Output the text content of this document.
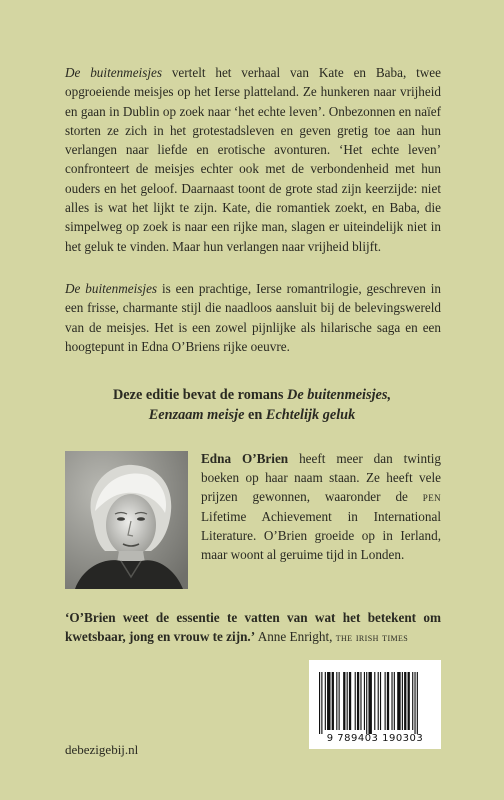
De buitenmeisjes vertelt het verhaal van Kate en Baba, twee opgroeiende meisjes op het Ierse platteland. Ze hunkeren naar vrijheid en gaan in Dublin op zoek naar ‘het echte leven’. Onbezonnen en naïef storten ze zich in het grotestadsleven en geven gretig toe aan hun verlangen naar liefde en erotische avonturen. ‘Het echte leven’ confronteert de meisjes echter ook met de verbondenheid met hun ouders en het geloof. Daarnaast toont de grote stad zijn keerzijde: niet alles is wat het lijkt te zijn. Kate, die romantiek zoekt, en Baba, die simpelweg op zoek is naar een rijke man, slagen er uiteindelijk niet in het geluk te vinden. Maar hun verlangen naar vrijheid blijft.

De buitenmeisjes is een prachtige, Ierse romantrilogie, geschreven in een frisse, charmante stijl die naadloos aansluit bij de belevingswereld van de meisjes. Het is een zowel pijnlijke als hilarische saga en een hoogtepunt in Edna O’Briens rijke oeuvre.

Deze editie bevat de romans De buitenmeisjes,
Eenzaam meisje en Echtelijk geluk

Edna O’Brien heeft meer dan twintig boeken op haar naam staan. Ze heeft vele prijzen gewonnen, waaronder de pen Lifetime Achievement in International Literature. O’Brien groeide op in Ierland, maar woont al geruime tijd in Londen.

‘O’Brien weet de essentie te vatten van wat het betekent om kwetsbaar, jong en vrouw te zijn.’ Anne Enright, the irish times

debezigebij.nl
9 789403 190303
